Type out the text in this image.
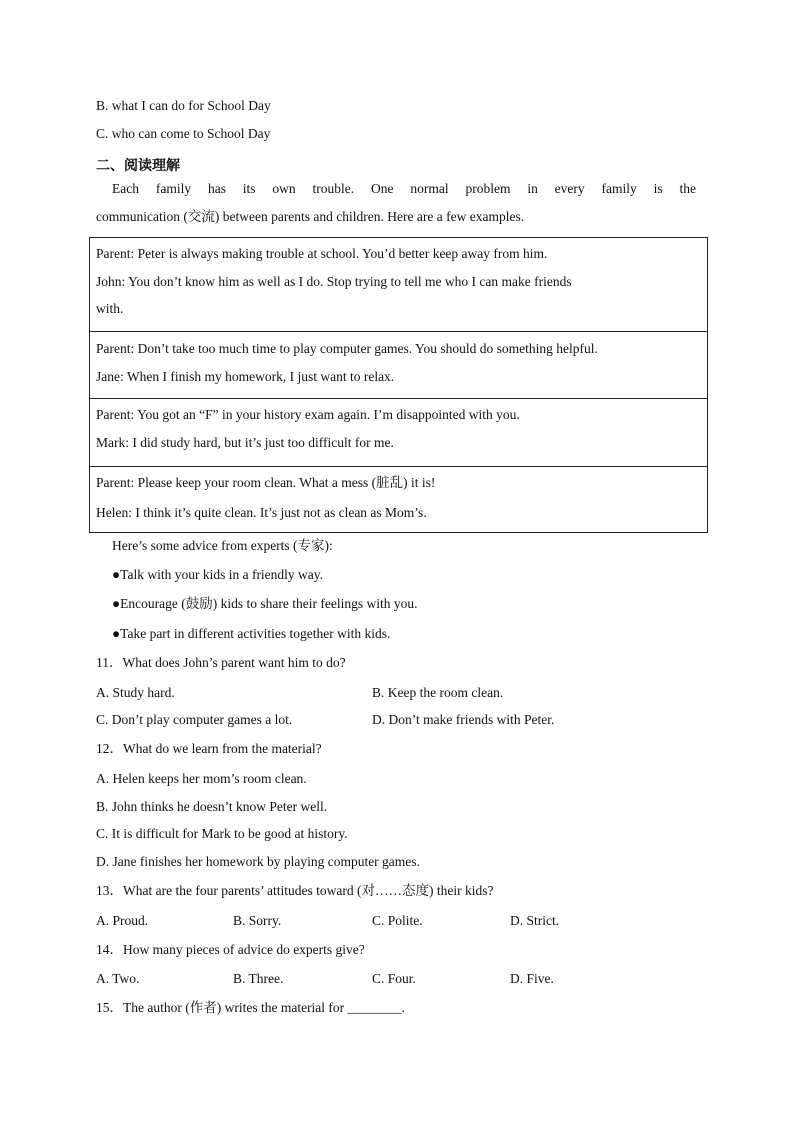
B. what I can do for School Day
C. who can come to School Day
二、阅读理解
Each family has its own trouble. One normal problem in every family is the
communication (交流) between parents and children. Here are a few examples.
Parent: Peter is always making trouble at school. You’d better keep away from him.
John: You don’t know him as well as I do. Stop trying to tell me who I can make friends
with.
Parent: Don’t take too much time to play computer games. You should do something helpful.
Jane: When I finish my homework, I just want to relax.
Parent: You got an “F” in your history exam again. I’m disappointed with you.
Mark: I did study hard, but it’s just too difficult for me.
Parent: Please keep your room clean. What a mess (脏乱) it is!
Helen: I think it’s quite clean. It’s just not as clean as Mom’s.
Here’s some advice from experts (专家):
●Talk with your kids in a friendly way.
●Encourage (鼓励) kids to share their feelings with you.
●Take part in different activities together with kids.
11．What does John’s parent want him to do?
A. Study hard.	B. Keep the room clean.
C. Don’t play computer games a lot.	D. Don’t make friends with Peter.
12．What do we learn from the material?
A. Helen keeps her mom’s room clean.
B. John thinks he doesn’t know Peter well.
C. It is difficult for Mark to be good at history.
D. Jane finishes her homework by playing computer games.
13．What are the four parents’ attitudes toward (对……态度) their kids?
A. Proud.	B. Sorry.	C. Polite.	D. Strict.
14．How many pieces of advice do experts give?
A. Two.	B. Three.	C. Four.	D. Five.
15．The author (作者) writes the material for ________.
